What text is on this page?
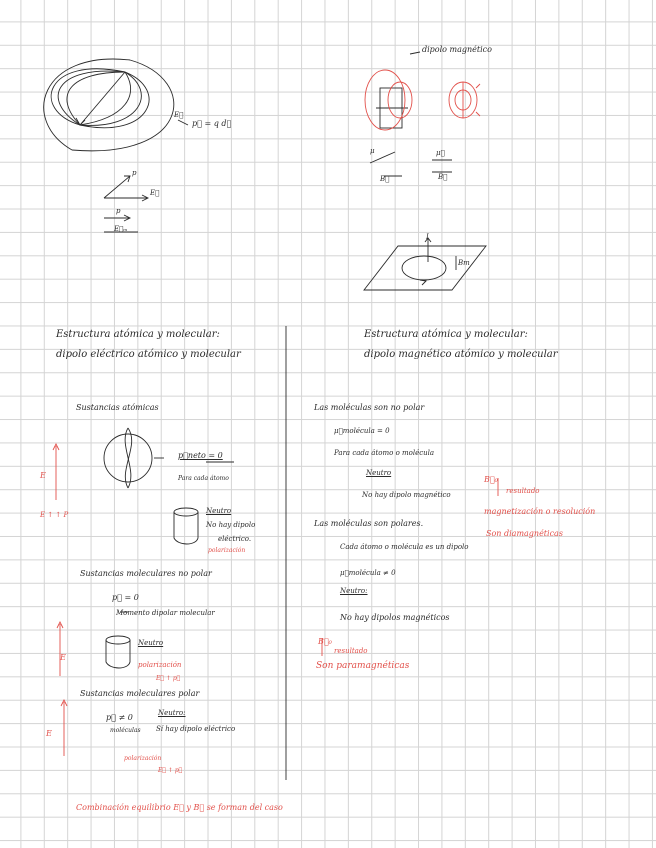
dipolo magnético
p⃗ = q d⃗
E⃗
p
E⃗
p
E⃗ₘ
μ
B⃗
μ⃗
B⃗
I
Bm
Estructura atómica y molecular:
dipolo eléctrico atómico y molecular
Sustancias atómicas
p⃗neto = 0
Para cada átomo
E
E ↑ ↑ P	Neutro
No hay dipolo
eléctrico.
polarización
Sustancias moleculares no polar
p⃗ = 0
Momento dipolar molecular
E
Neutro
polarización
E⃗ ↑ p⃗
Sustancias moleculares polar
p⃗ ≠ 0
moléculas
Neutro:
Sí hay dipolo eléctrico
E
polarización
E⃗ ↑ p⃗
Combinación equilibrio E⃗ y B⃗ se forman del caso
Estructura atómica y molecular:
dipolo magnético atómico y molecular
Las moléculas son no polar
μ⃗molécula = 0
Para cada átomo o molécula
Neutro
No hay dipolo magnético
Las moléculas son polares.
Cada átomo o molécula es un dipolo
μ⃗molécula ≠ 0
Neutro:
No hay dipolos magnéticos
B⃗₀
resultado
magnetización o resolución
Son diamagnéticas
B⃗₀
resultado
Son paramagnéticas
